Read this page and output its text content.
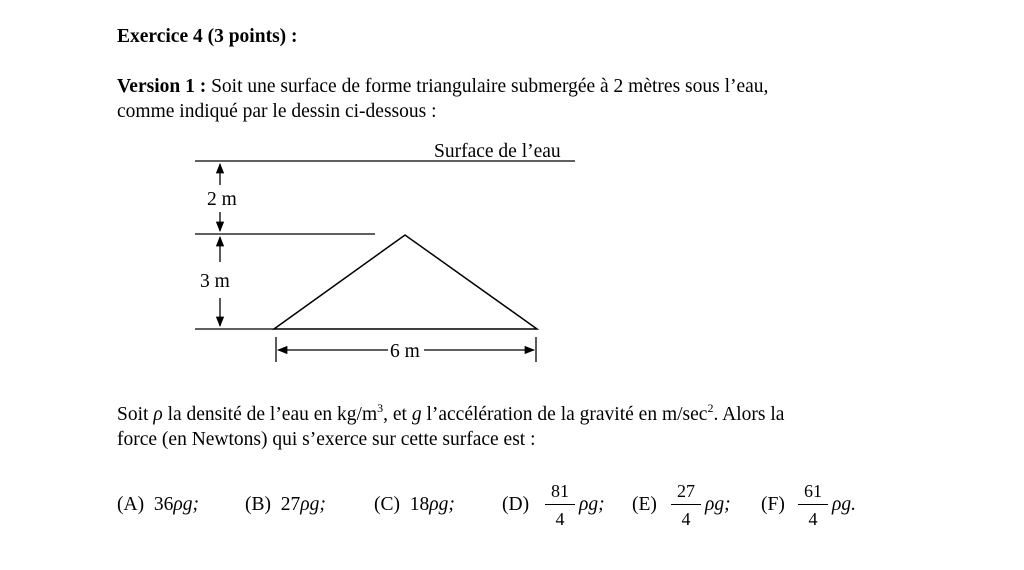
Exercice 4 (3 points) :
Version 1 : Soit une surface de forme triangulaire submergée à 2 mètres sous l’eau,
comme indiqué par le dessin ci-dessous :
Surface de l’eau
2 m
3 m
6 m
Soit ρ la densité de l’eau en $kg/m^3$, et g l’accélération de la gravité en $m/\sec^2$. Alors la
force (en Newtons) qui s’exerce sur cette surface est :
(A) 36ρg; (B) 27ρg; (C) 18ρg; (D)
81
4
ρg; (E)
27
4
ρg; (F)
61
4
ρg.
